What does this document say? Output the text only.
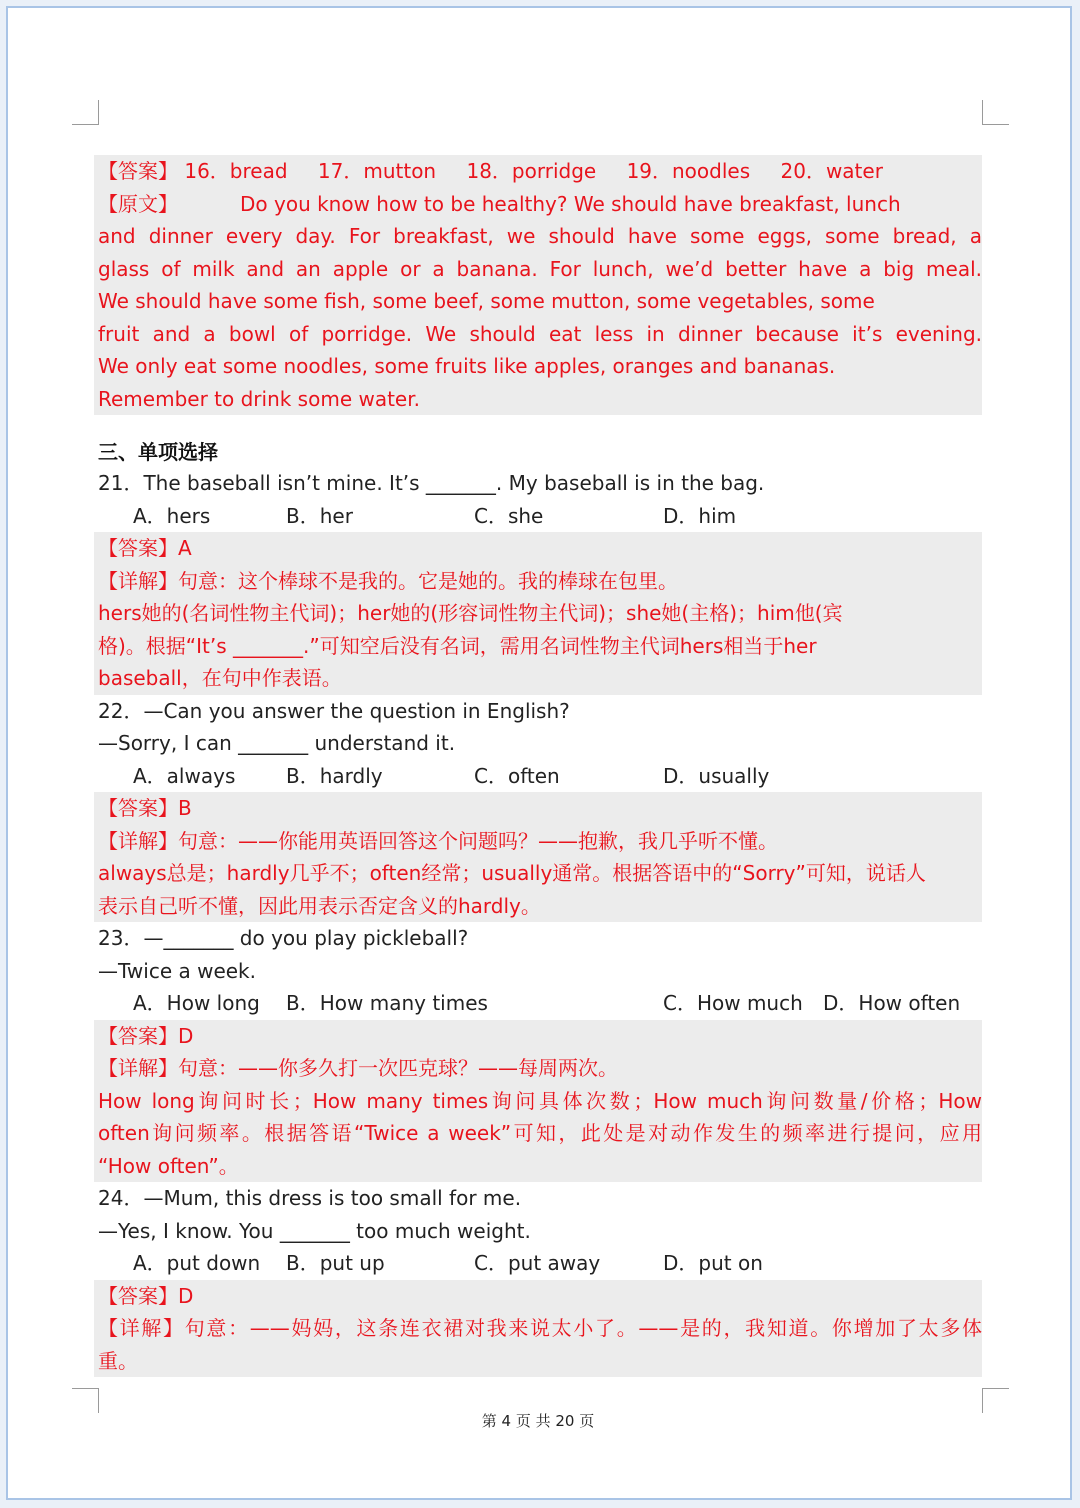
【答案】 16．bread 17．mutton 18．porridge 19．noodles 20．water
【原文】	Do you know how to be healthy? We should have breakfast, lunch
and dinner every day. For breakfast, we should have some eggs, some bread, a
glass of milk and an apple or a banana. For lunch, we’d better have a big meal.
We should have some fish, some beef, some mutton, some vegetables, some
fruit and a bowl of porridge. We should eat less in dinner because it’s evening.
We only eat some noodles, some fruits like apples, oranges and bananas.
Remember to drink some water.
三、单项选择
21．The baseball isn’t mine. It’s _______. My baseball is in the bag.
A．hers	B．her	C．she	D．him
【答案】A
【详解】句意：这个棒球不是我的。它是她的。我的棒球在包里。
hers她的(名词性物主代词)；her她的(形容词性物主代词)；she她(主格)；him他(宾
格)。根据“It’s _______.”可知空后没有名词，需用名词性物主代词hers相当于her
baseball，在句中作表语。
22．—Can you answer the question in English?
—Sorry, I can _______ understand it.
A．always	B．hardly	C．often	D．usually
【答案】B
【详解】句意：——你能用英语回答这个问题吗？——抱歉，我几乎听不懂。
always总是；hardly几乎不；often经常；usually通常。根据答语中的“Sorry”可知，说话人
表示自己听不懂，因此用表示否定含义的hardly。
23．—_______ do you play pickleball?
—Twice a week.
A．How long B．How many times	C．How much D．How often
【答案】D
【详解】句意：——你多久打一次匹克球？——每周两次。
How long询问时长；How many times询问具体次数；How much询问数量/价格；How
often询问频率。根据答语“Twice a week”可知，此处是对动作发生的频率进行提问，应用
“How often”。
24．—Mum, this dress is too small for me.
—Yes, I know. You _______ too much weight.
A．put down B．put up	C．put away	D．put on
【答案】D
【详解】句意：——妈妈，这条连衣裙对我来说太小了。——是的，我知道。你增加了太多体
重。
第 4 页 共 20 页
